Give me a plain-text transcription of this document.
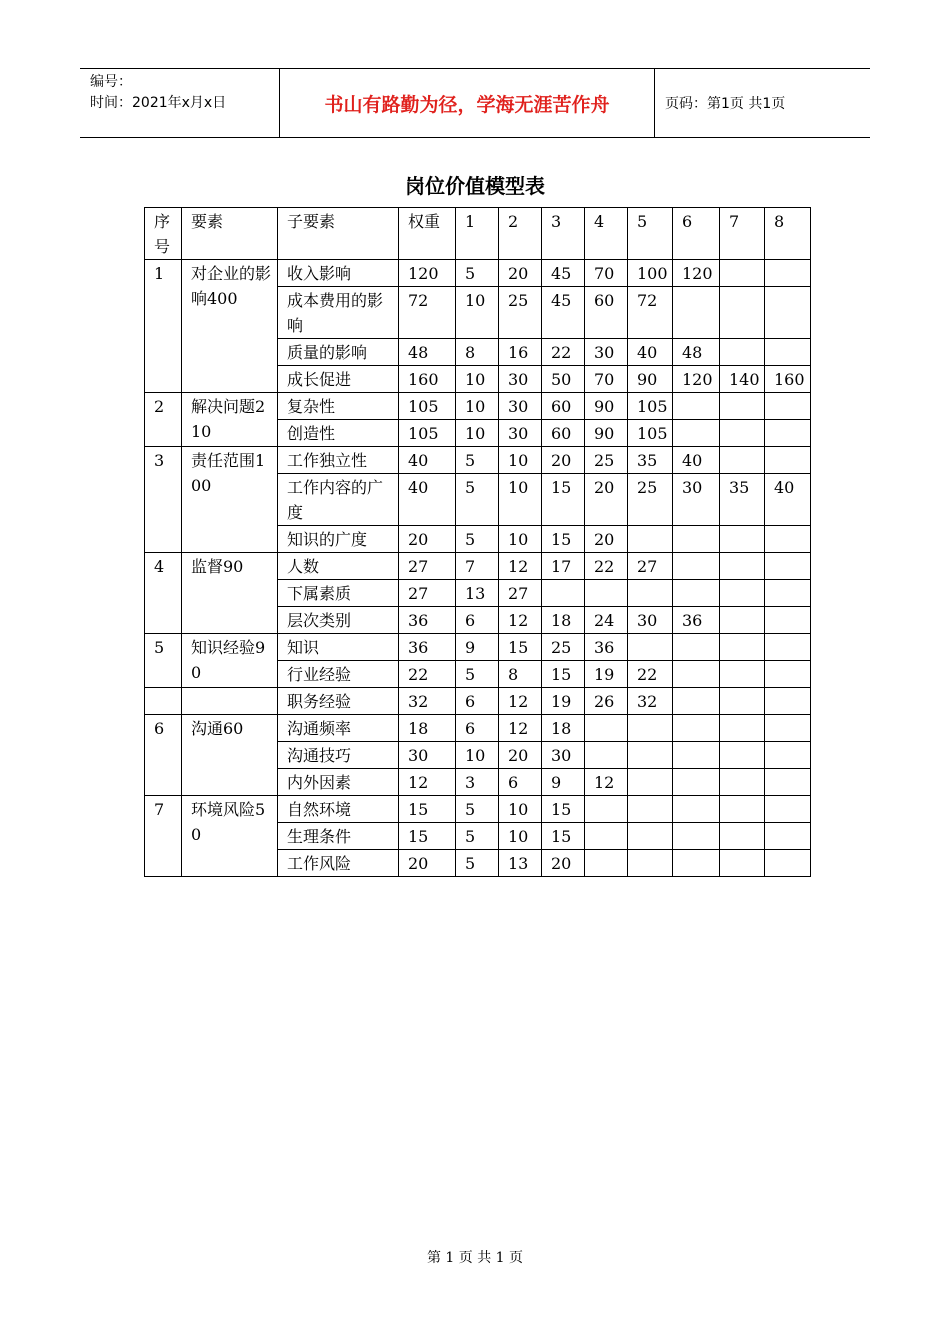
编号：
时间：2021年x月x日	书山有路勤为径，学海无涯苦作舟	页码：第1页 共1页
岗位价值模型表
序号	要素	子要素	权重	1	2	3	4	5	6	7	8
1	对企业的影响400	收入影响	120	5	20	45	70	100	120		
		成本费用的影响	72	10	25	45	60	72			
		质量的影响	48	8	16	22	30	40	48		
		成长促进	160	10	30	50	70	90	120	140	160
2	解决问题210	复杂性	105	10	30	60	90	105			
		创造性	105	10	30	60	90	105			
3	责任范围100	工作独立性	40	5	10	20	25	35	40		
		工作内容的广度	40	5	10	15	20	25	30	35	40
		知识的广度	20	5	10	15	20				
4	监督90	人数	27	7	12	17	22	27			
		下属素质	27	13	27						
		层次类别	36	6	12	18	24	30	36		
5	知识经验90	知识	36	9	15	25	36				
		行业经验	22	5	8	15	19	22			
		职务经验	32	6	12	19	26	32			
6	沟通60	沟通频率	18	6	12	18					
		沟通技巧	30	10	20	30					
		内外因素	12	3	6	9	12				
7	环境风险50	自然环境	15	5	10	15					
		生理条件	15	5	10	15					
		工作风险	20	5	13	20					
第 1 页 共 1 页
